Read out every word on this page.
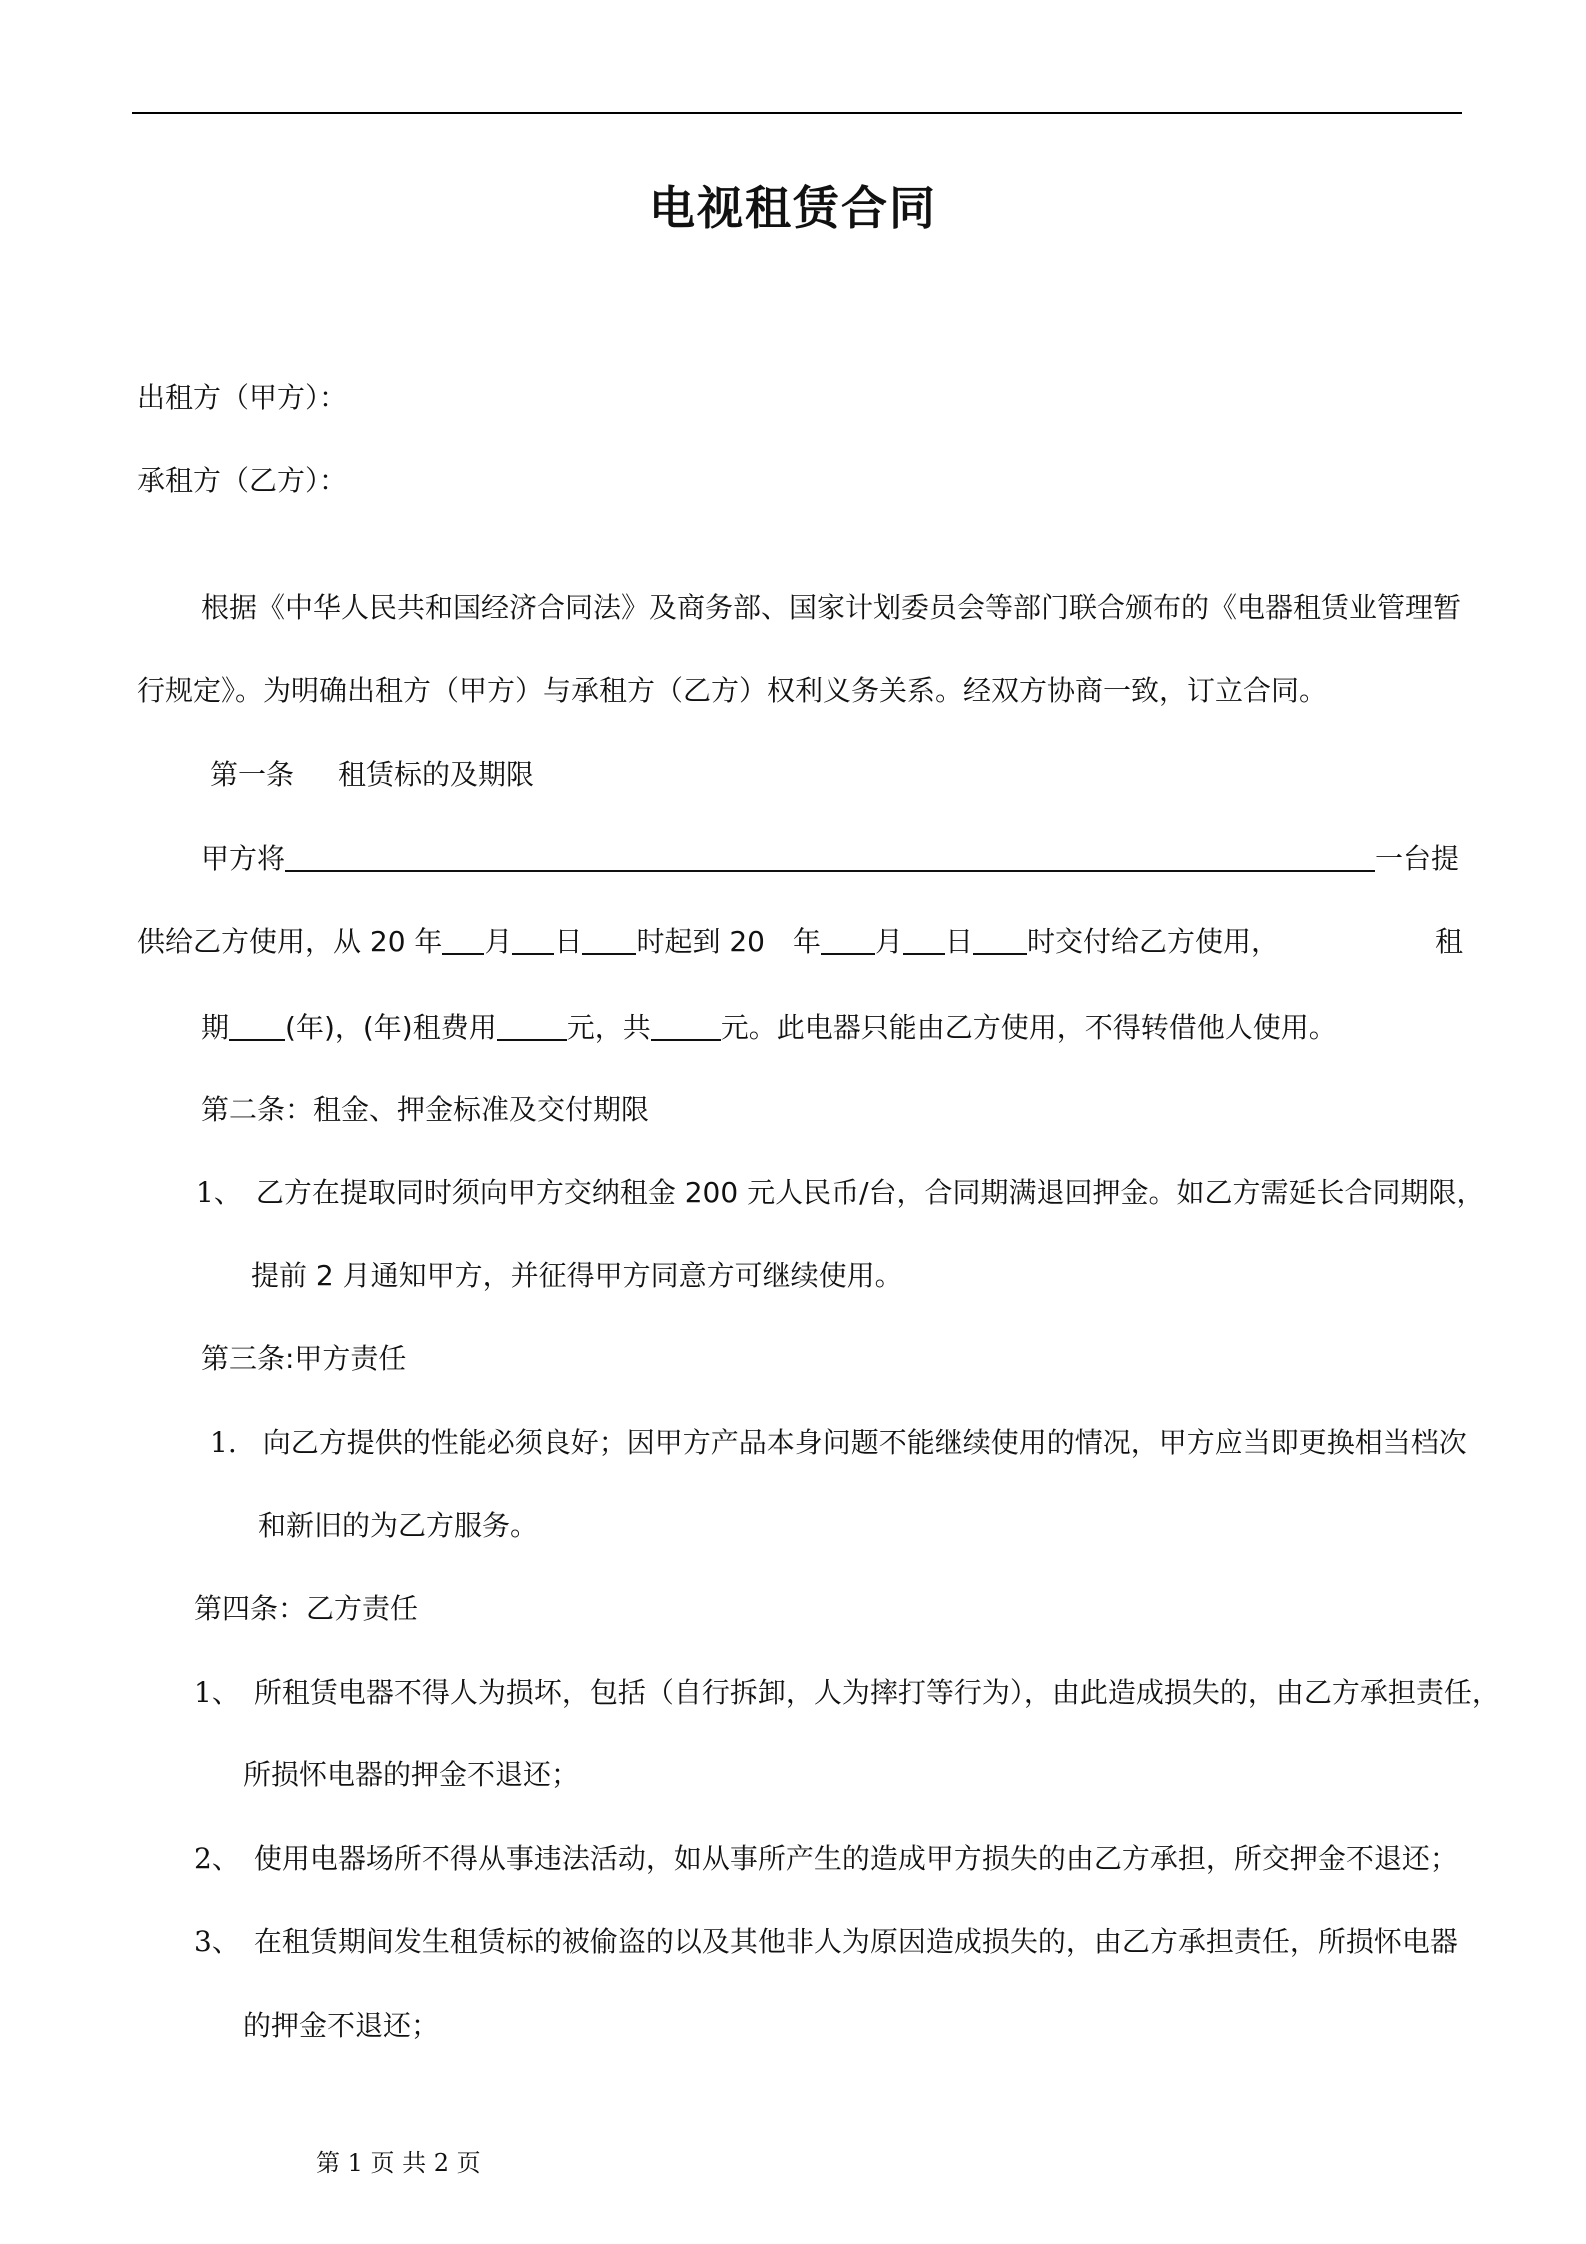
电视租赁合同
出租方（甲方）：
承租方（乙方）：
根据《中华人民共和国经济合同法》及商务部、国家计划委员会等部门联合颁布的《电器租赁业管理暂
行规定》。为明确出租方（甲方）与承租方（乙方）权利义务关系。经双方协商一致，订立合同。
第一条 租赁标的及期限
甲方将	一台提
供给乙方使用，从 20 年 月 日 时起到 20　年 月 日 时交付给乙方使用，	租
期 (年)，(年)租费用	元，共	元。此电器只能由乙方使用，不得转借他人使用。
第二条：租金、押金标准及交付期限
1、 乙方在提取同时须向甲方交纳租金 200 元人民币/台，合同期满退回押金。如乙方需延长合同期限，
提前 2 月通知甲方，并征得甲方同意方可继续使用。
第三条:甲方责任
1. 向乙方提供的性能必须良好；因甲方产品本身问题不能继续使用的情况，甲方应当即更换相当档次
和新旧的为乙方服务。
第四条：乙方责任
1、 所租赁电器不得人为损坏，包括（自行拆卸，人为摔打等行为），由此造成损失的，由乙方承担责任，
所损怀电器的押金不退还；
2、 使用电器场所不得从事违法活动，如从事所产生的造成甲方损失的由乙方承担，所交押金不退还；
3、 在租赁期间发生租赁标的被偷盗的以及其他非人为原因造成损失的，由乙方承担责任，所损怀电器
的押金不退还；
第 1 页 共 2 页
